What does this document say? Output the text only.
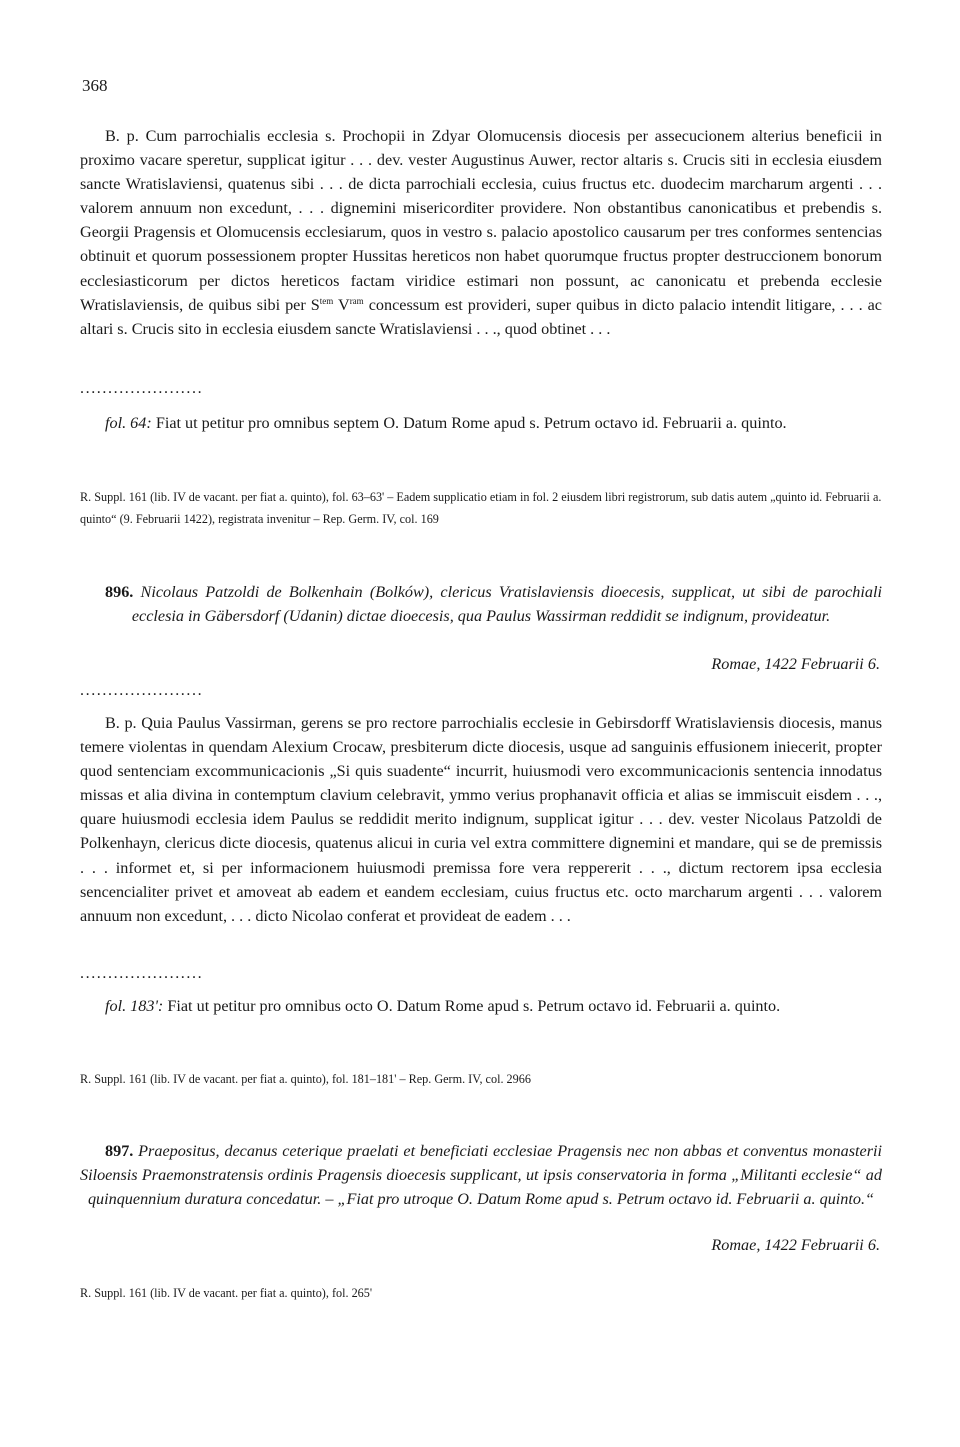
368
B. p. Cum parrochialis ecclesia s. Prochopii in Zdyar Olomucensis diocesis per assecucionem alterius beneficii in proximo vacare speretur, supplicat igitur . . . dev. vester Augustinus Auwer, rector altaris s. Crucis siti in ecclesia eiusdem sancte Wratislaviensi, quatenus sibi . . . de dicta parrochiali ecclesia, cuius fructus etc. duodecim marcharum argenti . . . valorem annuum non excedunt, . . . dignemini misericorditer providere. Non obstantibus canonicatibus et prebendis s. Georgii Pragensis et Olomucensis ecclesiarum, quos in vestro s. palacio apostolico causarum per tres conformes sentencias obtinuit et quorum possessionem propter Hussitas hereticos non habet quorumque fructus propter destruccionem bonorum ecclesiasticorum per dictos hereticos factam viridice estimari non possunt, ac canonicatu et prebenda ecclesie Wratislaviensis, de quibus sibi per $S^{tem}$ $V^{ram}$ concessum est provideri, super quibus in dicto palacio intendit litigare, . . . ac altari s. Crucis sito in ecclesia eiusdem sancte Wratislaviensi . . ., quod obtinet . . .
......................
fol. 64: Fiat ut petitur pro omnibus septem O. Datum Rome apud s. Petrum octavo id. Februarii a. quinto.
R. Suppl. 161 (lib. IV de vacant. per fiat a. quinto), fol. 63–63' – Eadem supplicatio etiam in fol. 2 eiusdem libri registrorum, sub datis autem „quinto id. Februarii a. quinto“ (9. Februarii 1422), registrata invenitur – Rep. Germ. IV, col. 169
896. Nicolaus Patzoldi de Bolkenhain (Bolków), clericus Vratislaviensis dioecesis, supplicat, ut sibi de parochiali ecclesia in Gäbersdorf (Udanin) dictae dioecesis, qua Paulus Wassirman reddidit se indignum, provideatur.
Romae, 1422 Februarii 6.
......................
B. p. Quia Paulus Vassirman, gerens se pro rectore parrochialis ecclesie in Gebirsdorff Wratislaviensis diocesis, manus temere violentas in quendam Alexium Crocaw, presbiterum dicte diocesis, usque ad sanguinis effusionem iniecerit, propter quod sentenciam excommunicacionis „Si quis suadente“ incurrit, huiusmodi vero excommunicacionis sentencia innodatus missas et alia divina in contemptum clavium celebravit, ymmo verius prophanavit officia et alias se immiscuit eisdem . . ., quare huiusmodi ecclesia idem Paulus se reddidit merito indignum, supplicat igitur . . . dev. vester Nicolaus Patzoldi de Polkenhayn, clericus dicte diocesis, quatenus alicui in curia vel extra committere dignemini et mandare, qui se de premissis . . . informet et, si per informacionem huiusmodi premissa fore vera reppererit . . ., dictum rectorem ipsa ecclesia sencencialiter privet et amoveat ab eadem et eandem ecclesiam, cuius fructus etc. octo marcharum argenti . . . valorem annuum non excedunt, . . . dicto Nicolao conferat et provideat de eadem . . .
......................
fol. 183': Fiat ut petitur pro omnibus octo O. Datum Rome apud s. Petrum octavo id. Februarii a. quinto.
R. Suppl. 161 (lib. IV de vacant. per fiat a. quinto), fol. 181–181' – Rep. Germ. IV, col. 2966
897. Praepositus, decanus ceterique praelati et beneficiati ecclesiae Pragensis nec non abbas et conventus monasterii Siloensis Praemonstratensis ordinis Pragensis dioecesis supplicant, ut ipsis conservatoria in forma „Militanti ecclesie“ ad quinquennium duratura concedatur. – „Fiat pro utroque O. Datum Rome apud s. Petrum octavo id. Februarii a. quinto.“
Romae, 1422 Februarii 6.
R. Suppl. 161 (lib. IV de vacant. per fiat a. quinto), fol. 265'
